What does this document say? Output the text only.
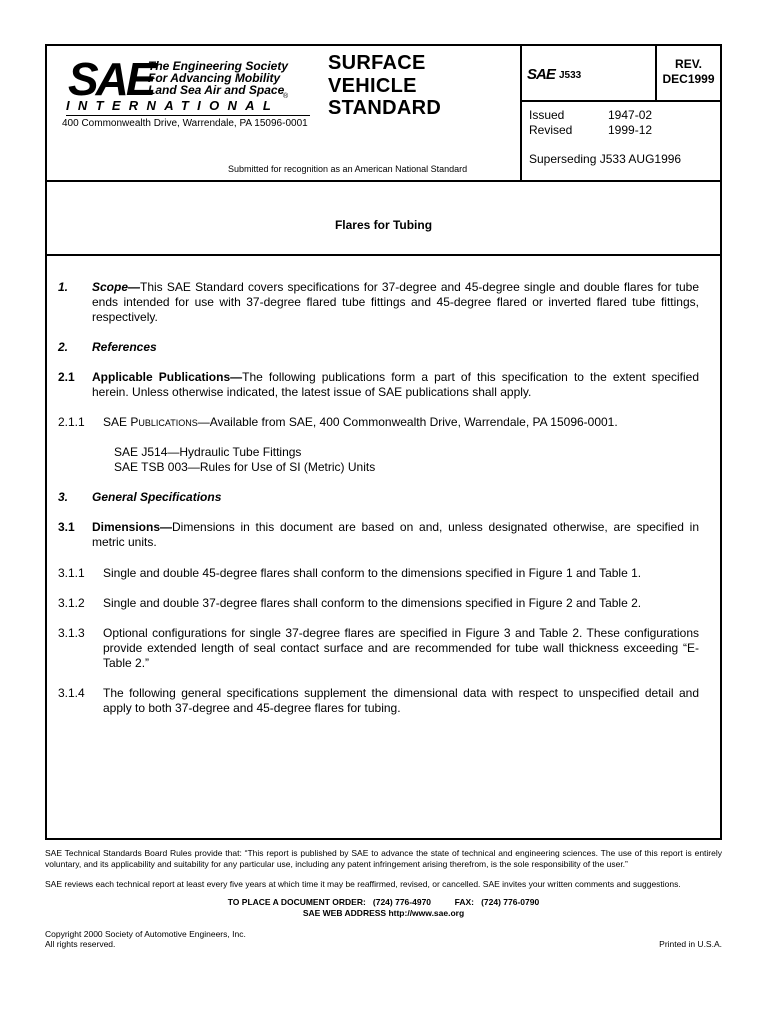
SAE
The Engineering Society
For Advancing Mobility
Land Sea Air and Space
®
INTERNATIONAL
400 Commonwealth Drive, Warrendale, PA 15096-0001
SURFACE
VEHICLE
STANDARD
Submitted for recognition as an American National Standard
SAE J533
REV.
DEC1999
Issued	1947-02
Revised	1999-12
Superseding J533 AUG1996
Flares for Tubing
1. Scope—This SAE Standard covers specifications for 37-degree and 45-degree single and double flares for tube ends intended for use with 37-degree flared tube fittings and 45-degree flared or inverted flared tube fittings, respectively.
2. References
2.1 Applicable Publications—The following publications form a part of this specification to the extent specified herein. Unless otherwise indicated, the latest issue of SAE publications shall apply.
2.1.1 SAE PUBLICATIONS—Available from SAE, 400 Commonwealth Drive, Warrendale, PA 15096-0001.
SAE J514—Hydraulic Tube Fittings
SAE TSB 003—Rules for Use of SI (Metric) Units
3. General Specifications
3.1 Dimensions—Dimensions in this document are based on and, unless designated otherwise, are specified in metric units.
3.1.1 Single and double 45-degree flares shall conform to the dimensions specified in Figure 1 and Table 1.
3.1.2 Single and double 37-degree flares shall conform to the dimensions specified in Figure 2 and Table 2.
3.1.3 Optional configurations for single 37-degree flares are specified in Figure 3 and Table 2. These configurations provide extended length of seal contact surface and are recommended for tube wall thickness exceeding “E-Table 2.”
3.1.4 The following general specifications supplement the dimensional data with respect to unspecified detail and apply to both 37-degree and 45-degree flares for tubing.
SAE Technical Standards Board Rules provide that: “This report is published by SAE to advance the state of technical and engineering sciences. The use of this report is entirely voluntary, and its applicability and suitability for any particular use, including any patent infringement arising therefrom, is the sole responsibility of the user.”
SAE reviews each technical report at least every five years at which time it may be reaffirmed, revised, or cancelled. SAE invites your written comments and suggestions.
TO PLACE A DOCUMENT ORDER:   (724) 776-4970          FAX:   (724) 776-0790
SAE WEB ADDRESS http://www.sae.org
Copyright 2000 Society of Automotive Engineers, Inc.
All rights reserved.	Printed in U.S.A.
